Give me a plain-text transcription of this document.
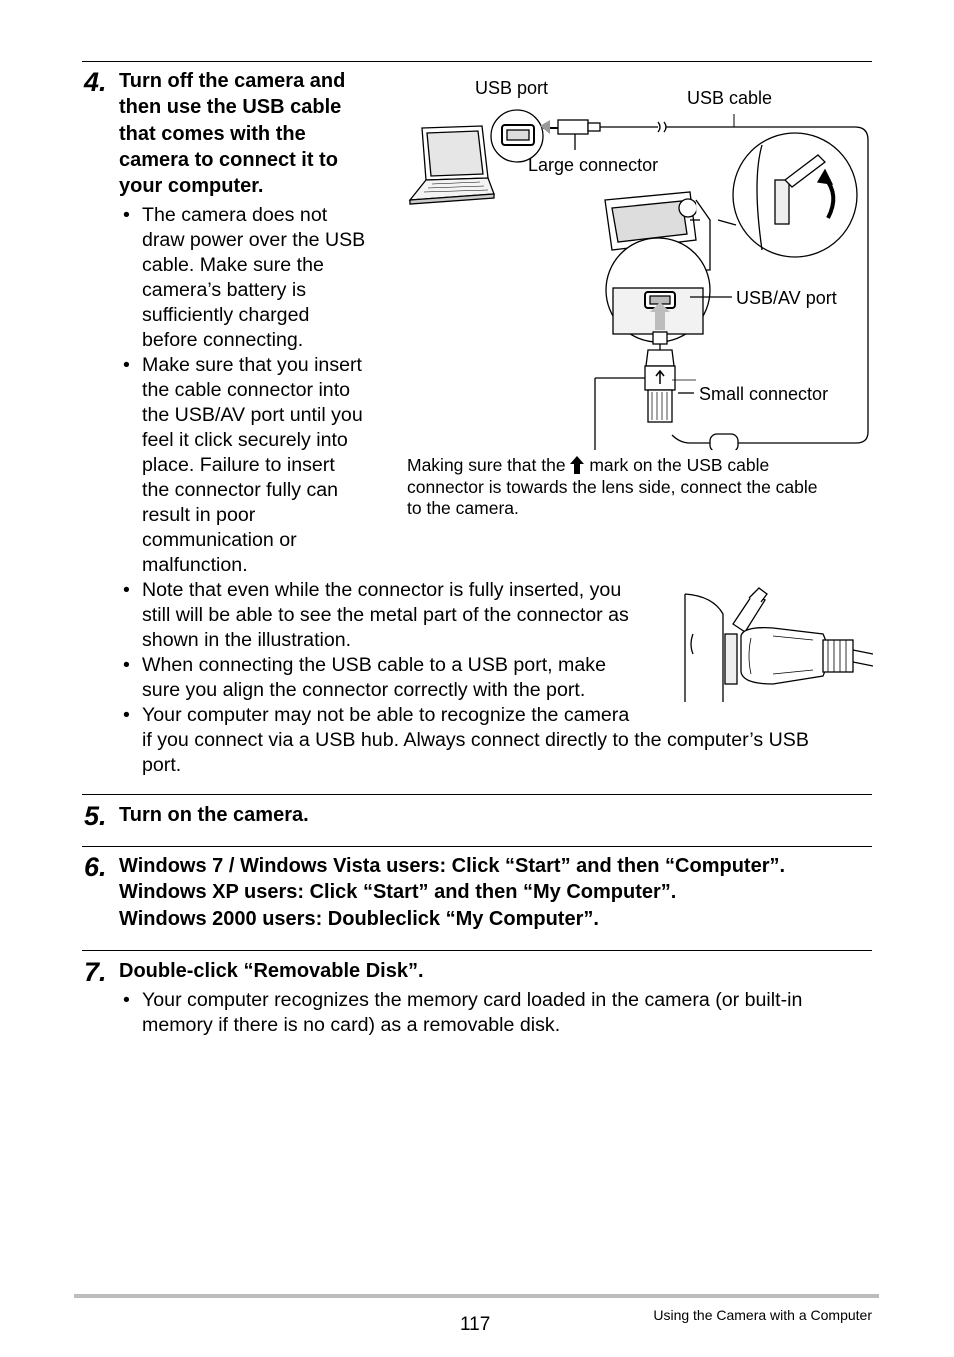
4. Turn off the camera and
then use the USB cable
that comes with the
camera to connect it to
your computer.

• The camera does not
draw power over the USB
cable. Make sure the
camera’s battery is
sufficiently charged
before connecting.
• Make sure that you insert
the cable connector into
the USB/AV port until you
feel it click securely into
place. Failure to insert
the connector fully can
result in poor
communication or
malfunction.
• Note that even while the connector is fully inserted, you
still will be able to see the metal part of the connector as
shown in the illustration.
• When connecting the USB cable to a USB port, make
sure you align the connector correctly with the port.
• Your computer may not be able to recognize the camera
if you connect via a USB hub. Always connect directly to the computer’s USB
port.
USB port	USB cable
Large connector
USB/AV port
Small connector

Making sure that the mark on the USB cable
connector is towards the lens side, connect the cable
to the camera.

5. Turn on the camera.

6. Windows 7 / Windows Vista users: Click “Start” and then “Computer”.
Windows XP users: Click “Start” and then “My Computer”.
Windows 2000 users: Doubleclick “My Computer”.

7. Double-click “Removable Disk”.

• Your computer recognizes the memory card loaded in the camera (or built-in
memory if there is no card) as a removable disk.
117	Using the Camera with a Computer
